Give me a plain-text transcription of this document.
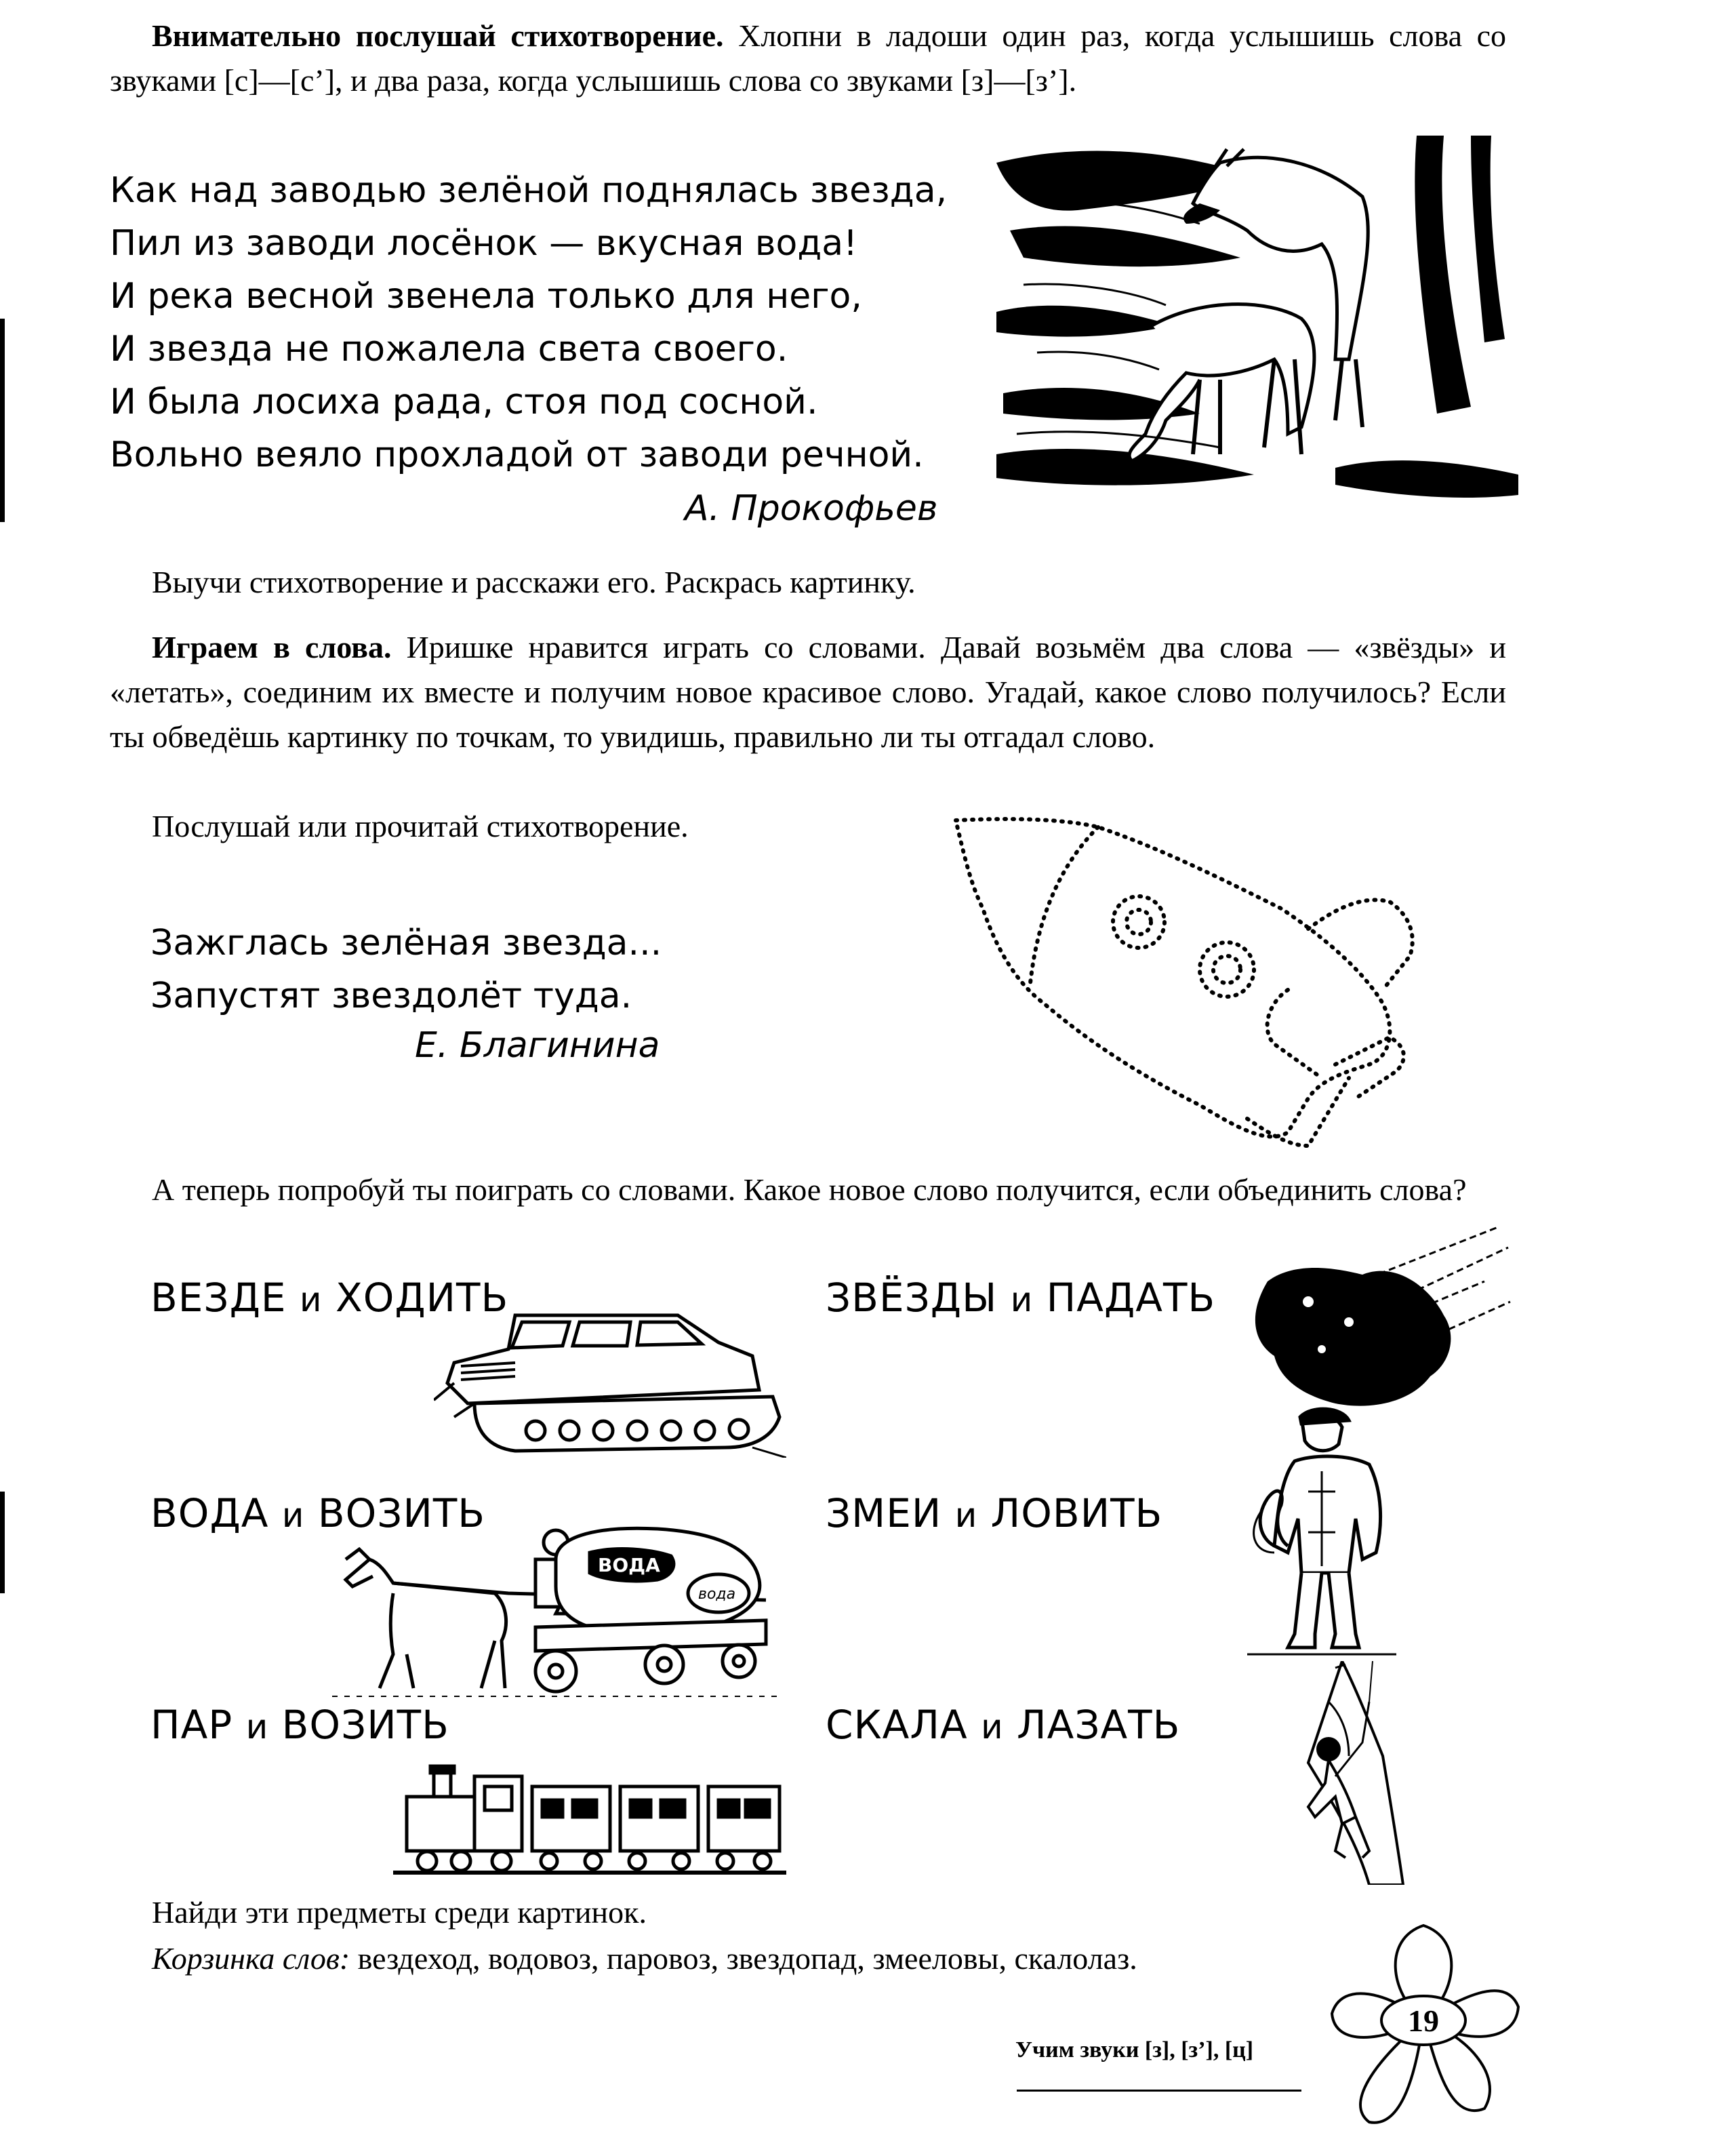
Внимательно послушай стихотворение. Хлопни в ладоши один раз, когда услышишь слова со звуками [с]—[с’], и два раза, когда услышишь слова со звуками [з]—[з’].

Как над заводью зелёной поднялась звезда,
Пил из заводи лосёнок — вкусная вода!
И река весной звенела только для него,
И звезда не пожалела света своего.
И была лосиха рада, стоя под сосной.
Вольно веяло прохладой от заводи речной.
А. Прокофьев

Выучи стихотворение и расскажи его. Раскрась картинку.

Играем в слова. Иришке нравится играть со словами. Давай возьмём два слова — «звёзды» и «летать», соединим их вместе и получим новое красивое слово. Угадай, какое слово получилось? Если ты обведёшь картинку по точкам, то увидишь, правильно ли ты отгадал слово.

Послушай или прочитай стихотворение.

Зажглась зелёная звезда...
Запустят звездолёт туда.
Е. Благинина

А теперь попробуй ты поиграть со словами. Какое новое слово получится, если объединить слова?

ВЕЗДЕ и ХОДИТЬ	ЗВЁЗДЫ и ПАДАТЬ
ВОДА и ВОЗИТЬ	ЗМЕИ и ЛОВИТЬ
ПАР и ВОЗИТЬ	СКАЛА и ЛАЗАТЬ
ВОДА
вода

Найди эти предметы среди картинок.

Корзинка слов: вездеход, водовоз, паровоз, звездопад, змееловы, скалолаз.

Учим звуки [з], [з’], [ц]
19
